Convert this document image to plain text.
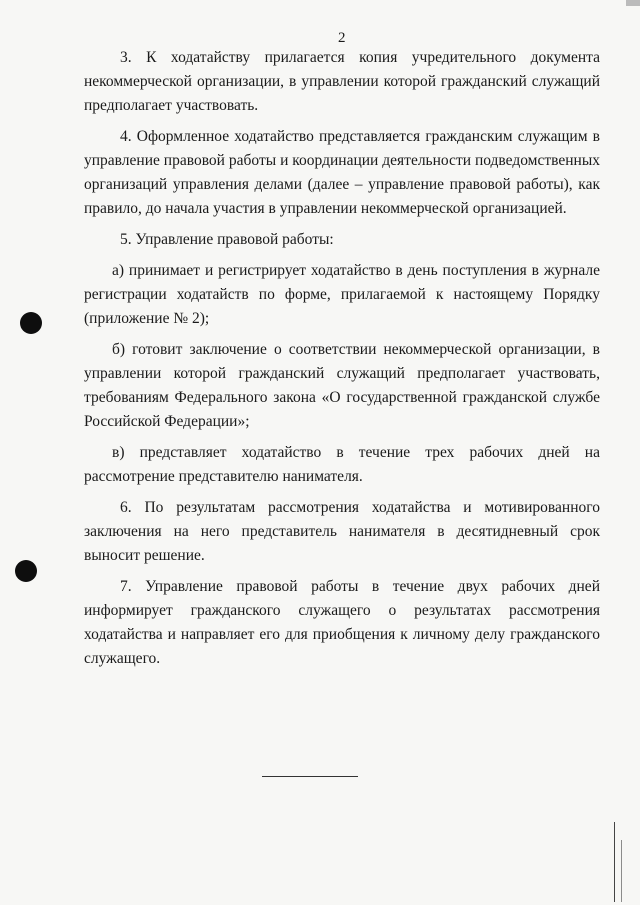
2

3. К ходатайству прилагается копия учредительного документа некоммерческой организации, в управлении которой гражданский служащий предполагает участвовать.

4. Оформленное ходатайство представляется гражданским служащим в управление правовой работы и координации деятельности подведомственных организаций управления делами (далее – управление правовой работы), как правило, до начала участия в управлении некоммерческой организацией.

5. Управление правовой работы:

а) принимает и регистрирует ходатайство в день поступления в журнале регистрации ходатайств по форме, прилагаемой к настоящему Порядку (приложение № 2);

б) готовит заключение о соответствии некоммерческой организации, в управлении которой гражданский служащий предполагает участвовать, требованиям Федерального закона «О государственной гражданской службе Российской Федерации»;

в) представляет ходатайство в течение трех рабочих дней на рассмотрение представителю нанимателя.

6. По результатам рассмотрения ходатайства и мотивированного заключения на него представитель нанимателя в десятидневный срок выносит решение.

7. Управление правовой работы в течение двух рабочих дней информирует гражданского служащего о результатах рассмотрения ходатайства и направляет его для приобщения к личному делу гражданского служащего.
